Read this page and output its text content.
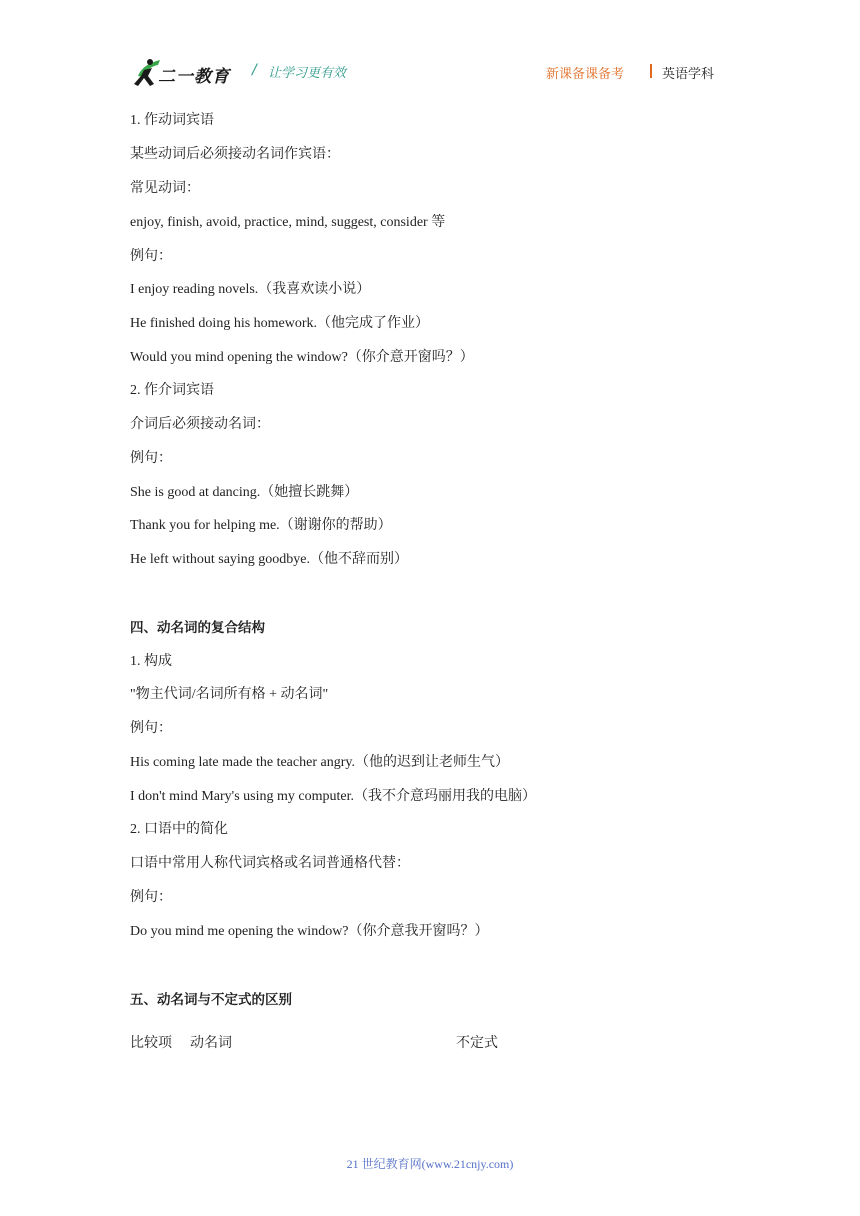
二一教育 / 让学习更有效	新课备课备考	英语学科
1. 作动词宾语
某些动词后必须接动名词作宾语：
常见动词：
enjoy, finish, avoid, practice, mind, suggest, consider 等
例句：
I enjoy reading novels.（我喜欢读小说）
He finished doing his homework.（他完成了作业）
Would you mind opening the window?（你介意开窗吗？）
2. 作介词宾语
介词后必须接动名词：
例句：
She is good at dancing.（她擅长跳舞）
Thank you for helping me.（谢谢你的帮助）
He left without saying goodbye.（他不辞而别）
四、动名词的复合结构
1. 构成
"物主代词/名词所有格 + 动名词"
例句：
His coming late made the teacher angry.（他的迟到让老师生气）
I don't mind Mary's using my computer.（我不介意玛丽用我的电脑）
2. 口语中的简化
口语中常用人称代词宾格或名词普通格代替：
例句：
Do you mind me opening the window?（你介意我开窗吗？）
五、动名词与不定式的区别
比较项 动名词	不定式
21 世纪教育网(www.21cnjy.com)
